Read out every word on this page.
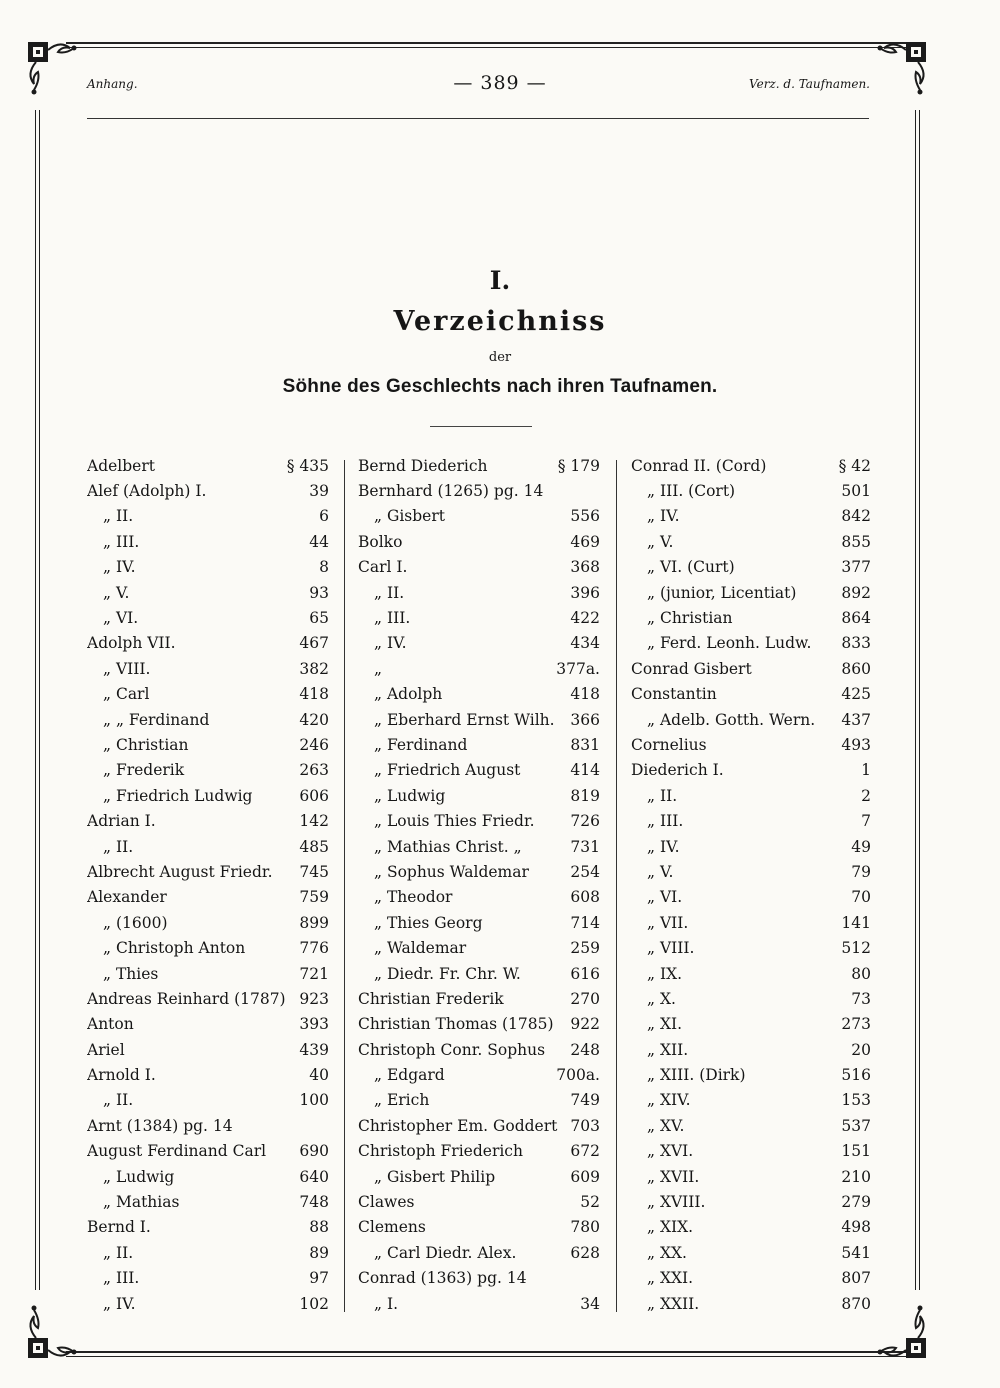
Anhang.	— 389 —	Verz. d. Taufnamen.
I.
Verzeichniss
der
Söhne des Geschlechts nach ihren Taufnamen.
Adelbert	§ 435
Alef (Adolph) I.	39
„ II.	6
„ III.	44
„ IV.	8
„ V.	93
„ VI.	65
Adolph VII.	467
„ VIII.	382
„ Carl	418
„ „ Ferdinand	420
„ Christian	246
„ Frederik	263
„ Friedrich Ludwig	606
Adrian I.	142
„ II.	485
Albrecht August Friedr.	745
Alexander	759
„ (1600)	899
„ Christoph Anton	776
„ Thies	721
Andreas Reinhard (1787) 923
Anton	393
Ariel	439
Arnold I.	40
„ II.	100
Arnt (1384) pg. 14
August Ferdinand Carl	690
„ Ludwig	640
„ Mathias	748
Bernd I.	88
„ II.	89
„ III.	97
„ IV.	102
Bernd Diederich	§ 179
Bernhard (1265) pg. 14
„ Gisbert	556
Bolko	469
Carl I.	368
„ II.	396
„ III.	422
„ IV.	434
„	377a.
„ Adolph	418
„ Eberhard Ernst Wilh.	366
„ Ferdinand	831
„ Friedrich August	414
„ Ludwig	819
„ Louis Thies Friedr.	726
„ Mathias Christ. „	731
„ Sophus Waldemar	254
„ Theodor	608
„ Thies Georg	714
„ Waldemar	259
„ Diedr. Fr. Chr. W.	616
Christian Frederik	270
Christian Thomas (1785)	922
Christoph Conr. Sophus	248
„ Edgard	700a.
„ Erich	749
Christopher Em. Goddert 703
Christoph Friederich	672
„ Gisbert Philip	609
Clawes	52
Clemens	780
„ Carl Diedr. Alex.	628
Conrad (1363) pg. 14
„ I.	34
Conrad II. (Cord)	§ 42
„ III. (Cort)	501
„ IV.	842
„ V.	855
„ VI. (Curt)	377
„ (junior, Licentiat)	892
„ Christian	864
„ Ferd. Leonh. Ludw.	833
Conrad Gisbert	860
Constantin	425
„ Adelb. Gotth. Wern.	437
Cornelius	493
Diederich I.	1
„ II.	2
„ III.	7
„ IV.	49
„ V.	79
„ VI.	70
„ VII.	141
„ VIII.	512
„ IX.	80
„ X.	73
„ XI.	273
„ XII.	20
„ XIII. (Dirk)	516
„ XIV.	153
„ XV.	537
„ XVI.	151
„ XVII.	210
„ XVIII.	279
„ XIX.	498
„ XX.	541
„ XXI.	807
„ XXII.	870
